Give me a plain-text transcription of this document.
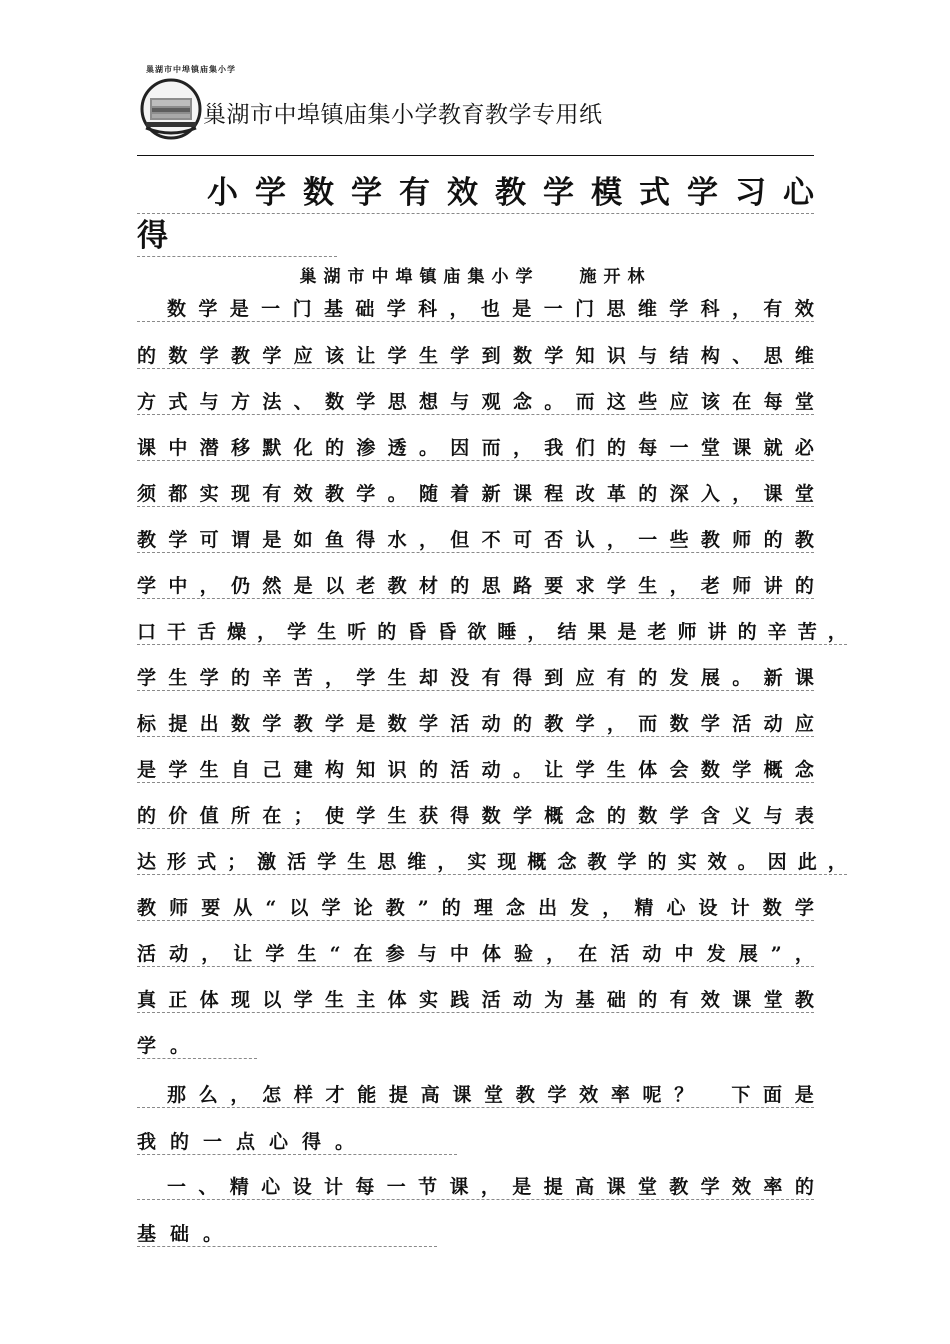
巢湖市中埠镇庙集小学
巢湖市中埠镇庙集小学教育教学专用纸
小 学 数 学 有 效 教 学 模 式 学 习 心
得
巢湖市中埠镇庙集小学 施开林
数 学 是 一 门 基 础 学 科 ， 也 是 一 门 思 维 学 科 ， 有 效
的 数 学 教 学 应 该 让 学 生 学 到 数 学 知 识 与 结 构 、 思 维
方 式 与 方 法 、 数 学 思 想 与 观 念 。 而 这 些 应 该 在 每 堂
课 中 潜 移 默 化 的 渗 透 。 因 而 ， 我 们 的 每 一 堂 课 就 必
须 都 实 现 有 效 教 学 。 随 着 新 课 程 改 革 的 深 入 ， 课 堂
教 学 可 谓 是 如 鱼 得 水 ， 但 不 可 否 认 ， 一 些 教 师 的 教
学 中 ， 仍 然 是 以 老 教 材 的 思 路 要 求 学 生 ， 老 师 讲 的
口 干 舌 燥 ， 学 生 听 的 昏 昏 欲 睡 ， 结 果 是 老 师 讲 的 辛 苦 ，
学 生 学 的 辛 苦 ， 学 生 却 没 有 得 到 应 有 的 发 展 。 新 课
标 提 出 数 学 教 学 是 数 学 活 动 的 教 学 ， 而 数 学 活 动 应
是 学 生 自 己 建 构 知 识 的 活 动 。 让 学 生 体 会 数 学 概 念
的 价 值 所 在 ； 使 学 生 获 得 数 学 概 念 的 数 学 含 义 与 表
达 形 式 ； 激 活 学 生 思 维 ， 实 现 概 念 教 学 的 实 效 。 因 此 ，
教 师 要 从 “ 以 学 论 教 ” 的 理 念 出 发 ， 精 心 设 计 数 学
活 动 ， 让 学 生 “ 在 参 与 中 体 验 ， 在 活 动 中 发 展 ” ，
真 正 体 现 以 学 生 主 体 实 践 活 动 为 基 础 的 有 效 课 堂 教
学。
那 么 ， 怎 样 才 能 提 高 课 堂 教 学 效 率 呢 ？ 下 面 是
我的一点心得。
一 、 精 心 设 计 每 一 节 课 ， 是 提 高 课 堂 教 学 效 率 的
基础。
